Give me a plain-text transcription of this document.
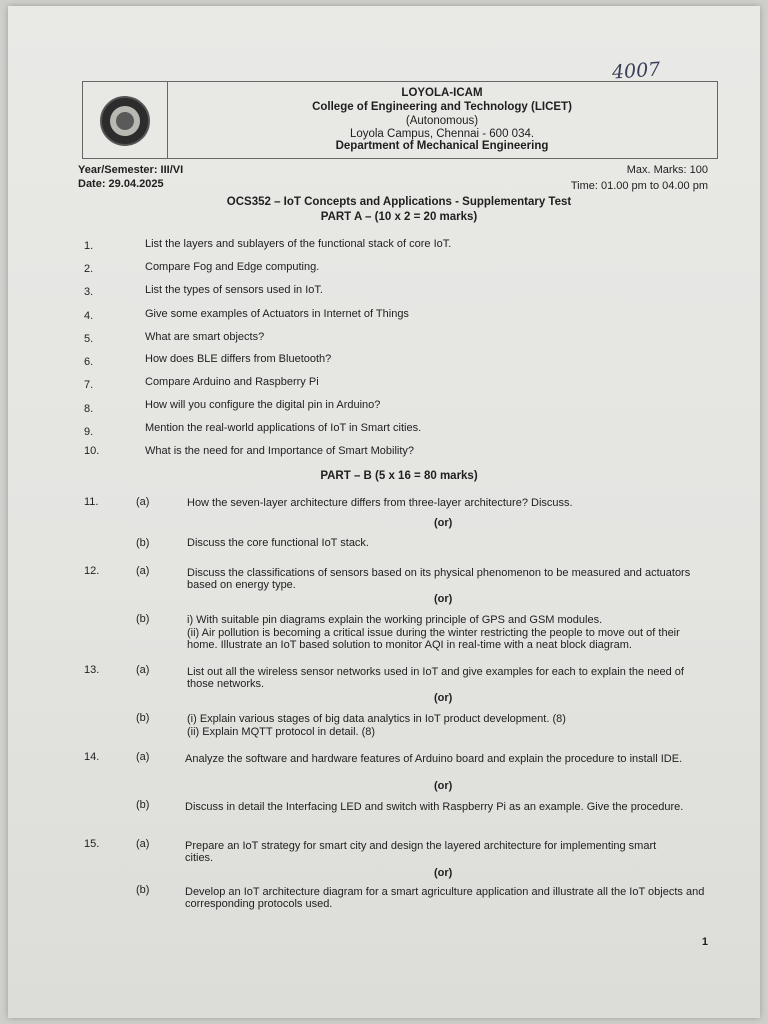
4007
LOYOLA-ICAM
College of Engineering and Technology (LICET)
(Autonomous)
Loyola Campus, Chennai - 600 034.
Department of Mechanical Engineering
Year/Semester: III/VI
Date: 29.04.2025
Max. Marks: 100
Time: 01.00 pm to 04.00 pm
OCS352 – IoT Concepts and Applications - Supplementary Test
PART A – (10 x 2 = 20 marks)
1.	List the layers and sublayers of the functional stack of core IoT.
2.	Compare Fog and Edge computing.
3.	List the types of sensors used in IoT.
4.	Give some examples of Actuators in Internet of Things
5.	What are smart objects?
6.	How does BLE differs from Bluetooth?
7.	Compare Arduino and Raspberry Pi
8.	How will you configure the digital pin in Arduino?
9.	Mention the real-world applications of IoT in Smart cities.
10.	What is the need for and Importance of Smart Mobility?
PART – B (5 x 16 = 80 marks)
11.	(a)	How the seven-layer architecture differs from three-layer architecture? Discuss.
(or)
(b)	Discuss the core functional IoT stack.
12.	(a)	Discuss the classifications of sensors based on its physical phenomenon to be measured and actuators based on energy type.
(or)
(b)	i) With suitable pin diagrams explain the working principle of GPS and GSM modules.
(ii) Air pollution is becoming a critical issue during the winter restricting the people to move out of their home. Illustrate an IoT based solution to monitor AQI in real-time with a neat block diagram.
13.	(a)	List out all the wireless sensor networks used in IoT and give examples for each to explain the need of those networks.
(or)
(b)	(i) Explain various stages of big data analytics in IoT product development. (8)
(ii) Explain MQTT protocol in detail. (8)
14.	(a)	Analyze the software and hardware features of Arduino board and explain the procedure to install IDE.
(or)
(b)	Discuss in detail the Interfacing LED and switch with Raspberry Pi as an example. Give the procedure.
15.	(a)	Prepare an IoT strategy for smart city and design the layered architecture for implementing smart cities.
(or)
(b)	Develop an IoT architecture diagram for a smart agriculture application and illustrate all the IoT objects and corresponding protocols used.
1
